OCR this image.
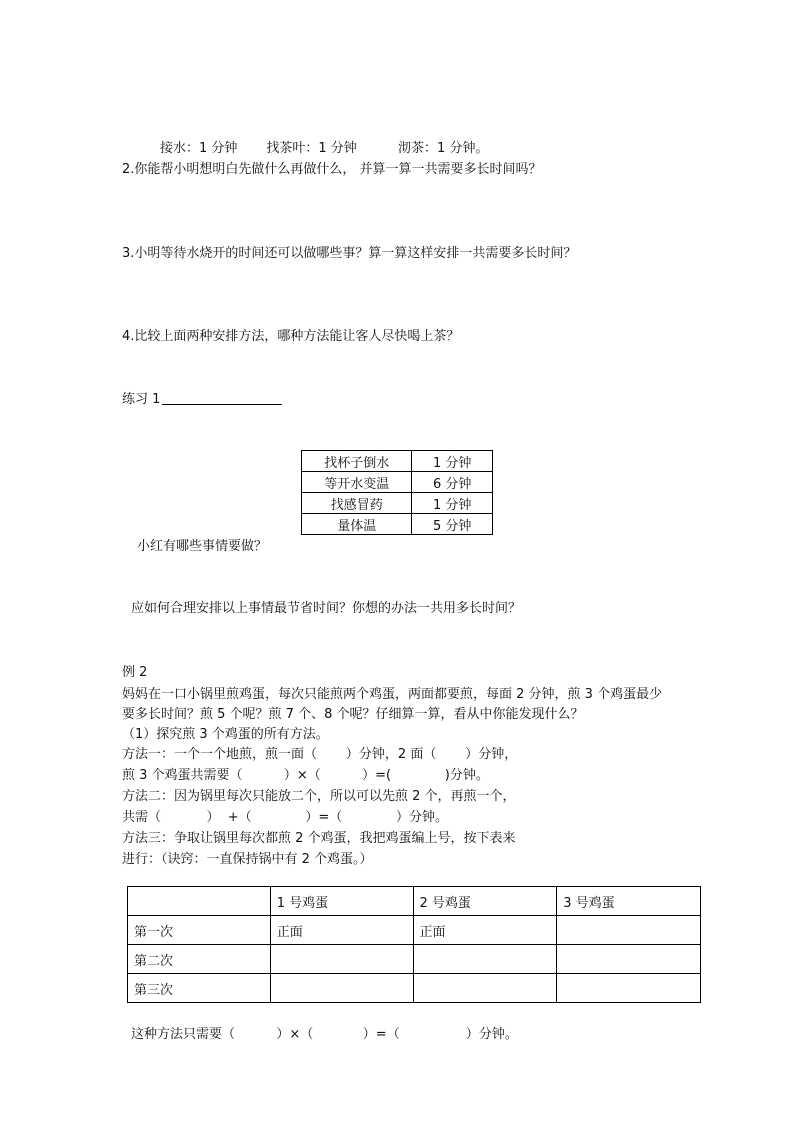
接水：1 分钟       找茶叶：1 分钟          沏茶：1 分钟。
2.你能帮小明想明白先做什么再做什么， 并算一算一共需要多长时间吗？
3.小明等待水烧开的时间还可以做哪些事？算一算这样安排一共需要多长时间？
4.比较上面两种安排方法，哪种方法能让客人尽快喝上茶？
练习 1
找杯子倒水	1 分钟
等开水变温	6 分钟
找感冒药	1 分钟
量体温	5 分钟
小红有哪些事情要做？
应如何合理安排以上事情最节省时间？你想的办法一共用多长时间？
例 2
妈妈在一口小锅里煎鸡蛋，每次只能煎两个鸡蛋，两面都要煎，每面 2 分钟，煎 3 个鸡蛋最少
要多长时间？煎 5 个呢？煎 7 个、8 个呢？仔细算一算，看从中你能发现什么？
（1）探究煎 3 个鸡蛋的所有方法。
方法一：一个一个地煎，煎一面（       ）分钟，2 面（       ）分钟，
煎 3 个鸡蛋共需要（          ）×（          ）=(             )分钟。
方法二：因为锅里每次只能放二个，所以可以先煎 2 个，再煎一个，
共需（           ）  +（             ）=（             ）分钟。
方法三：争取让锅里每次都煎 2 个鸡蛋，我把鸡蛋编上号，按下表来
进行：（诀窍：一直保持锅中有 2 个鸡蛋。）
	1 号鸡蛋	2 号鸡蛋	3 号鸡蛋
第一次	正面	正面	
第二次			
第三次			
这种方法只需要（          ）×（            ）=（                ）分钟。
